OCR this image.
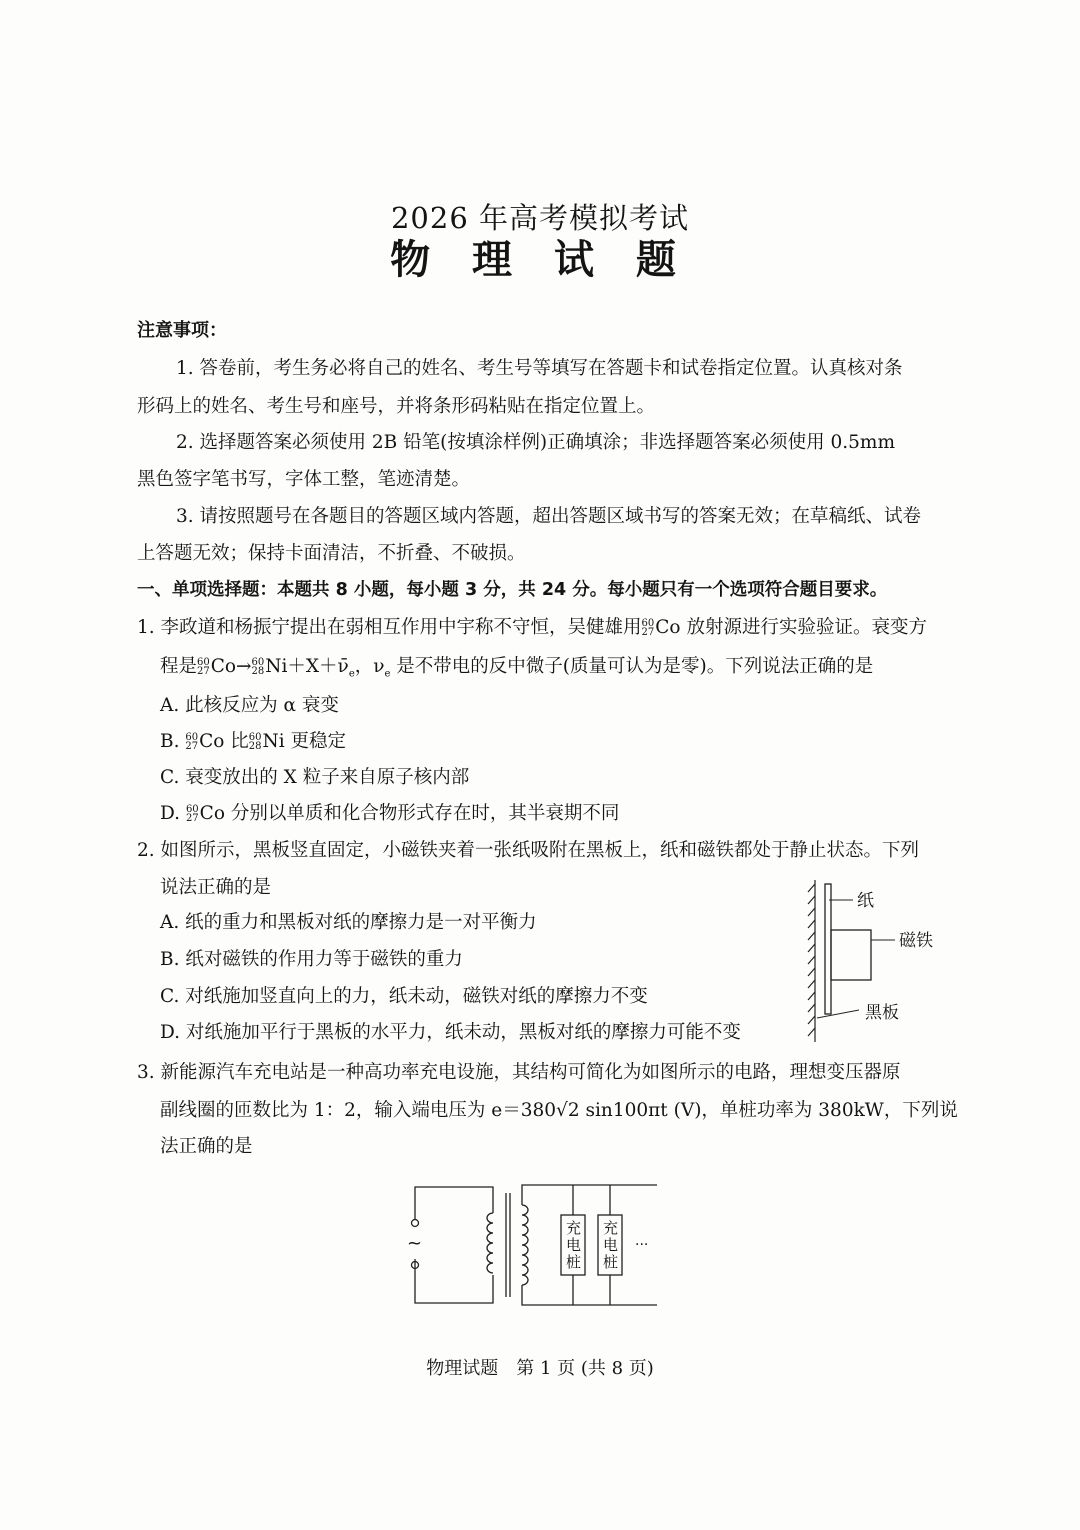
2026 年高考模拟考试
物 理 试 题
注意事项：
1. 答卷前，考生务必将自己的姓名、考生号等填写在答题卡和试卷指定位置。认真核对条
形码上的姓名、考生号和座号，并将条形码粘贴在指定位置上。
2. 选择题答案必须使用 2B 铅笔(按填涂样例)正确填涂；非选择题答案必须使用 0.5mm
黑色签字笔书写，字体工整，笔迹清楚。
3. 请按照题号在各题目的答题区域内答题，超出答题区域书写的答案无效；在草稿纸、试卷
上答题无效；保持卡面清洁，不折叠、不破损。
一、单项选择题：本题共 8 小题，每小题 3 分，共 24 分。每小题只有一个选项符合题目要求。
1. 李政道和杨振宁提出在弱相互作用中宇称不守恒，吴健雄用 60
27 Co 放射源进行实验验证。衰变方
程是 60
27 Co→ 60
28 $Ni+X+\nū_e$，$\nu_e$ 是不带电的反中微子(质量可认为是零)。下列说法正确的是
A. 此核反应为 α 衰变
B. 60
27 Co 比 60
28 Ni 更稳定
C. 衰变放出的 X 粒子来自原子核内部
D. 60
27 Co 分别以单质和化合物形式存在时，其半衰期不同
2. 如图所示，黑板竖直固定，小磁铁夹着一张纸吸附在黑板上，纸和磁铁都处于静止状态。下列
说法正确的是
A. 纸的重力和黑板对纸的摩擦力是一对平衡力
B. 纸对磁铁的作用力等于磁铁的重力
C. 对纸施加竖直向上的力，纸未动，磁铁对纸的摩擦力不变
D. 对纸施加平行于黑板的水平力，纸未动，黑板对纸的摩擦力可能不变
纸
磁铁
黑板
3. 新能源汽车充电站是一种高功率充电设施，其结构可简化为如图所示的电路，理想变压器原
副线圈的匝数比为 1：2，输入端电压为 e＝380√2 sin100πt (V)，单桩功率为 380kW，下列说
法正确的是
~
充电桩
充电桩
···
物理试题　第 1 页 (共 8 页)
